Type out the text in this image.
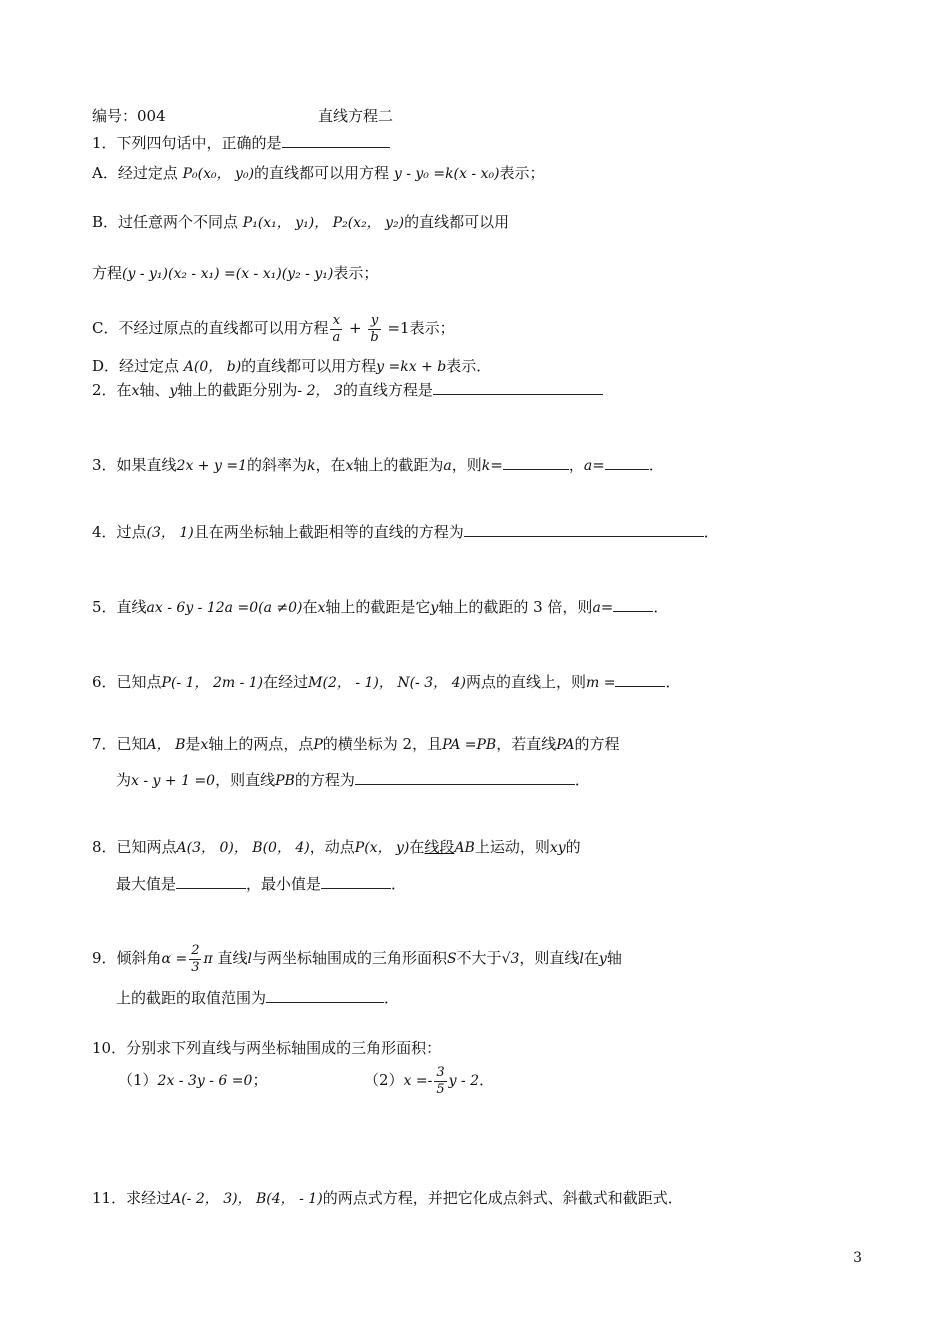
编号：004	直线方程二
1．下列四句话中，正确的是
A．经过定点 P₀(x₀， y₀)的直线都可以用方程 y - y₀ =k(x - x₀)表示；
B．过任意两个不同点 P₁(x₁， y₁)， P₂(x₂， y₂)的直线都可以用
方程(y - y₁)(x₂ - x₁) =(x - x₁)(y₂ - y₁)表示；
C．不经过原点的直线都可以用方程 $\frac{x}{a} + \frac{y}{b} =1$表示；
D．经过定点 A(0， b)的直线都可以用方程y =kx + b表示．
2．在x轴、y轴上的截距分别为- 2， 3的直线方程是
3．如果直线2x + y =1的斜率为k，在x轴上的截距为a，则k=	，a=	．
4．过点(3， 1)且在两坐标轴上截距相等的直线的方程为	．
5．直线ax - 6y - 12a =0(a ≠0)在x轴上的截距是它y轴上的截距的 3 倍，则a=	．
6．已知点P(- 1， 2m - 1)在经过M(2， - 1)， N(- 3， 4)两点的直线上，则m =	．
7．已知A， B是x轴上的两点，点P的横坐标为 2，且PA =PB，若直线PA的方程
为x - y + 1 =0，则直线PB的方程为	．
8．已知两点A(3， 0)， B(0， 4)，动点P(x， y)在线段AB上运动，则xy的
最大值是	，最小值是	．
9．倾斜角$\alpha = \frac{2}{3}$ π 直线l与两坐标轴围成的三角形面积S不大于√3，则直线l在y轴
上的截距的取值范围为	．
10．分别求下列直线与两坐标轴围成的三角形面积：
（1）2x - 3y - 6 =0；	$(2)x =- \frac{3}{5}$ y - 2．
11．求经过A(- 2， 3)， B(4， - 1)的两点式方程，并把它化成点斜式、斜截式和截距式．
3
